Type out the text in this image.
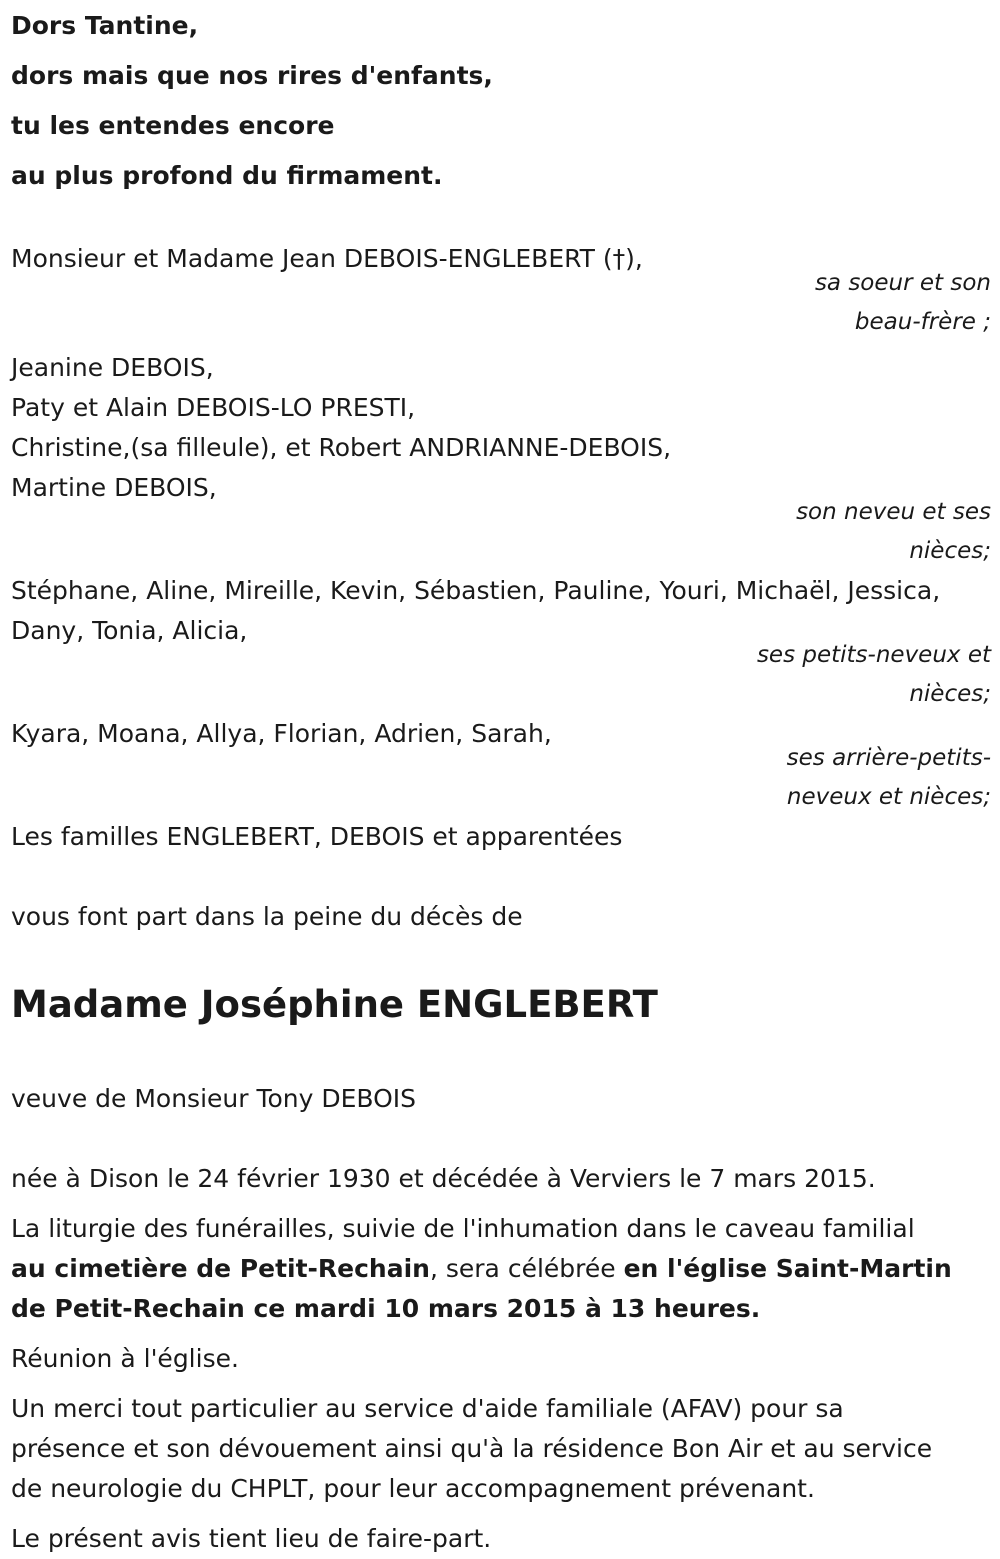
Dors Tantine,
dors mais que nos rires d'enfants,
tu les entendes encore
au plus profond du firmament.
Monsieur et Madame Jean DEBOIS-ENGLEBERT (†),
sa soeur et son
beau-frère ;
Jeanine DEBOIS,
Paty et Alain DEBOIS-LO PRESTI,
Christine,(sa filleule), et Robert ANDRIANNE-DEBOIS,
Martine DEBOIS,
son neveu et ses
nièces;
Stéphane, Aline, Mireille, Kevin, Sébastien, Pauline, Youri, Michaël, Jessica,
Dany, Tonia, Alicia,
ses petits-neveux et
nièces;
Kyara, Moana, Allya, Florian, Adrien, Sarah,
ses arrière-petits-
neveux et nièces;
Les familles ENGLEBERT, DEBOIS et apparentées
vous font part dans la peine du décès de
Madame Joséphine ENGLEBERT
veuve de Monsieur Tony DEBOIS
née à Dison le 24 février 1930 et décédée à Verviers le 7 mars 2015.
La liturgie des funérailles, suivie de l'inhumation dans le caveau familial
au cimetière de Petit-Rechain, sera célébrée en l'église Saint-Martin
de Petit-Rechain ce mardi 10 mars 2015 à 13 heures.
Réunion à l'église.
Un merci tout particulier au service d'aide familiale (AFAV) pour sa
présence et son dévouement ainsi qu'à la résidence Bon Air et au service
de neurologie du CHPLT, pour leur accompagnement prévenant.
Le présent avis tient lieu de faire-part.
